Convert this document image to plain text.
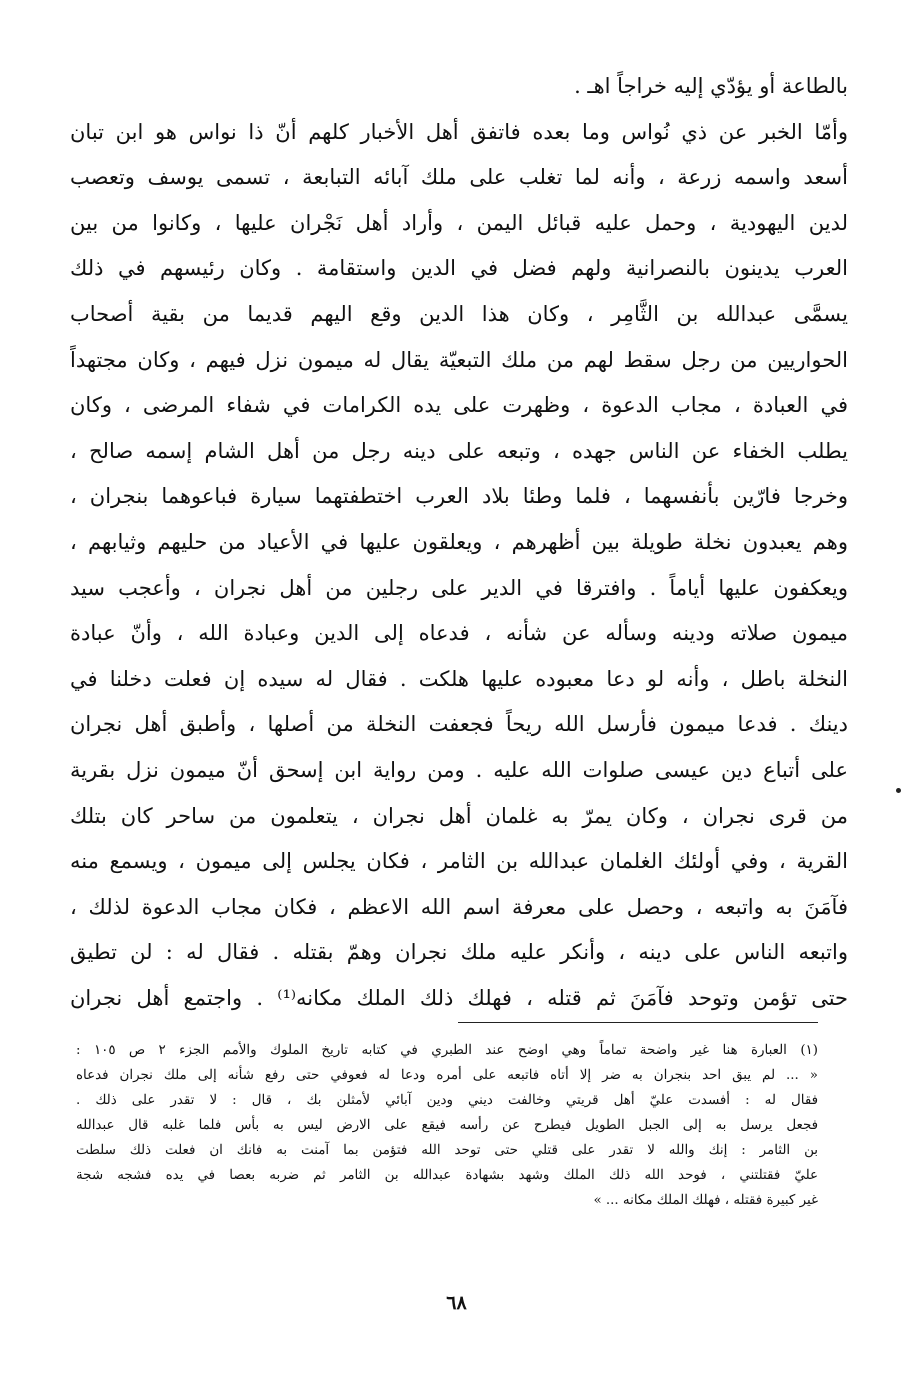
بالطاعة أو يؤدّي إليه خراجاً اهـ .
وأمّا الخبر عن ذي نُواس وما بعده فاتفق أهل الأخبار كلهم أنّ ذا نواس هو ابن تبان
أسعد واسمه زرعة ، وأنه لما تغلب على ملك آبائه التبابعة ، تسمى يوسف وتعصب
لدين اليهودية ، وحمل عليه قبائل اليمن ، وأراد أهل نَجْران عليها ، وكانوا من بين
العرب يدينون بالنصرانية ولهم فضل في الدين واستقامة . وكان رئيسهم في ذلك
يسمَّى عبدالله بن الثَّامِر ، وكان هذا الدين وقع اليهم قديما من بقية أصحاب
الحواريين من رجل سقط لهم من ملك التبعيّة يقال له ميمون نزل فيهم ، وكان مجتهداً
في العبادة ، مجاب الدعوة ، وظهرت على يده الكرامات في شفاء المرضى ، وكان
يطلب الخفاء عن الناس جهده ، وتبعه على دينه رجل من أهل الشام إسمه صالح ،
وخرجا فارّين بأنفسهما ، فلما وطئا بلاد العرب اختطفتهما سيارة فباعوهما بنجران ،
وهم يعبدون نخلة طويلة بين أظهرهم ، ويعلقون عليها في الأعياد من حليهم وثيابهم ،
ويعكفون عليها أياماً . وافترقا في الدير على رجلين من أهل نجران ، وأعجب سيد
ميمون صلاته ودينه وسأله عن شأنه ، فدعاه إلى الدين وعبادة الله ، وأنّ عبادة
النخلة باطل ، وأنه لو دعا معبوده عليها هلكت . فقال له سيده إن فعلت دخلنا في
دينك . فدعا ميمون فأرسل الله ريحاً فجعفت النخلة من أصلها ، وأطبق أهل نجران
على أتباع دين عيسى صلوات الله عليه . ومن رواية ابن إسحق أنّ ميمون نزل بقرية
من قرى نجران ، وكان يمرّ به غلمان أهل نجران ، يتعلمون من ساحر كان بتلك
القرية ، وفي أولئك الغلمان عبدالله بن الثامر ، فكان يجلس إلى ميمون ، ويسمع منه
فآمَنَ به واتبعه ، وحصل على معرفة اسم الله الاعظم ، فكان مجاب الدعوة لذلك ،
واتبعه الناس على دينه ، وأنكر عليه ملك نجران وهمّ بقتله . فقال له : لن تطيق
حتى تؤمن وتوحد فآمَنَ ثم قتله ، فهلك ذلك الملك مكانه⁽¹⁾ . واجتمع أهل نجران
(١) العبارة هنا غير واضحة تماماً وهي اوضح عند الطبري في كتابه تاريخ الملوك والأمم الجزء ٢ ص ١٠٥ :
« ... لم يبق احد بنجران به ضر إلا أتاه فاتبعه على أمره ودعا له فعوفي حتى رفع شأنه إلى ملك نجران فدعاه
فقال له : أفسدت عليّ أهل قريتي وخالفت ديني ودين آبائي لأمثلن بك ، قال : لا تقدر على ذلك .
فجعل يرسل به إلى الجبل الطويل فيطرح عن رأسه فيقع على الارض ليس به بأس فلما غلبه قال عبدالله
بن الثامر : إنك والله لا تقدر على قتلي حتى توحد الله فتؤمن بما آمنت به فانك ان فعلت ذلك سلطت
عليّ فقتلتني ، فوحد الله ذلك الملك وشهد بشهادة عبدالله بن الثامر ثم ضربه بعصا في يده فشجه شجة
غير كبيرة فقتله ، فهلك الملك مكانه ... »
٦٨
